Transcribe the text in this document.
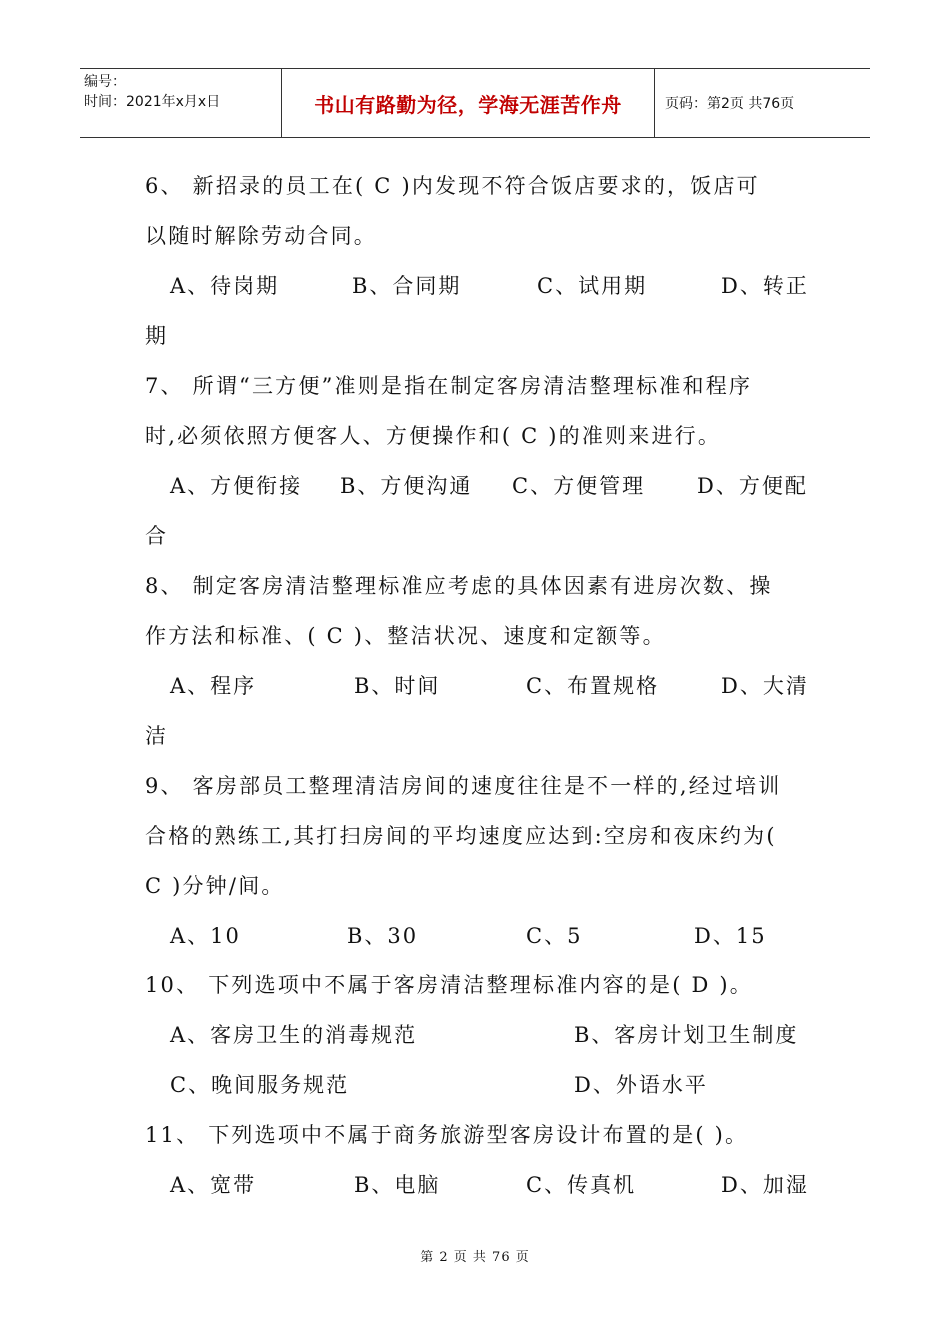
编号：
时间：2021年x月x日	书山有路勤为径，学海无涯苦作舟	页码：第2页 共76页
6、 新招录的员工在( C )内发现不符合饭店要求的，饭店可
以随时解除劳动合同。
A、待岗期	B、合同期	C、试用期	D、转正
期
7、 所谓“三方便”准则是指在制定客房清洁整理标准和程序
时,必须依照方便客人、方便操作和( C )的准则来进行。
A、方便衔接 B、方便沟通 C、方便管理 D、方便配
合
8、 制定客房清洁整理标准应考虑的具体因素有进房次数、操
作方法和标准、( C )、整洁状况、速度和定额等。
A、程序	B、时间	C、布置规格	D、大清
洁
9、 客房部员工整理清洁房间的速度往往是不一样的,经过培训
合格的熟练工,其打扫房间的平均速度应达到:空房和夜床约为(
C )分钟/间。
A、10	B、30	C、5	D、15
10、 下列选项中不属于客房清洁整理标准内容的是( D )。
A、客房卫生的消毒规范	B、客房计划卫生制度
C、晚间服务规范	D、外语水平
11、 下列选项中不属于商务旅游型客房设计布置的是( )。
A、宽带	B、电脑	C、传真机	D、加湿
第 2 页 共 76 页
